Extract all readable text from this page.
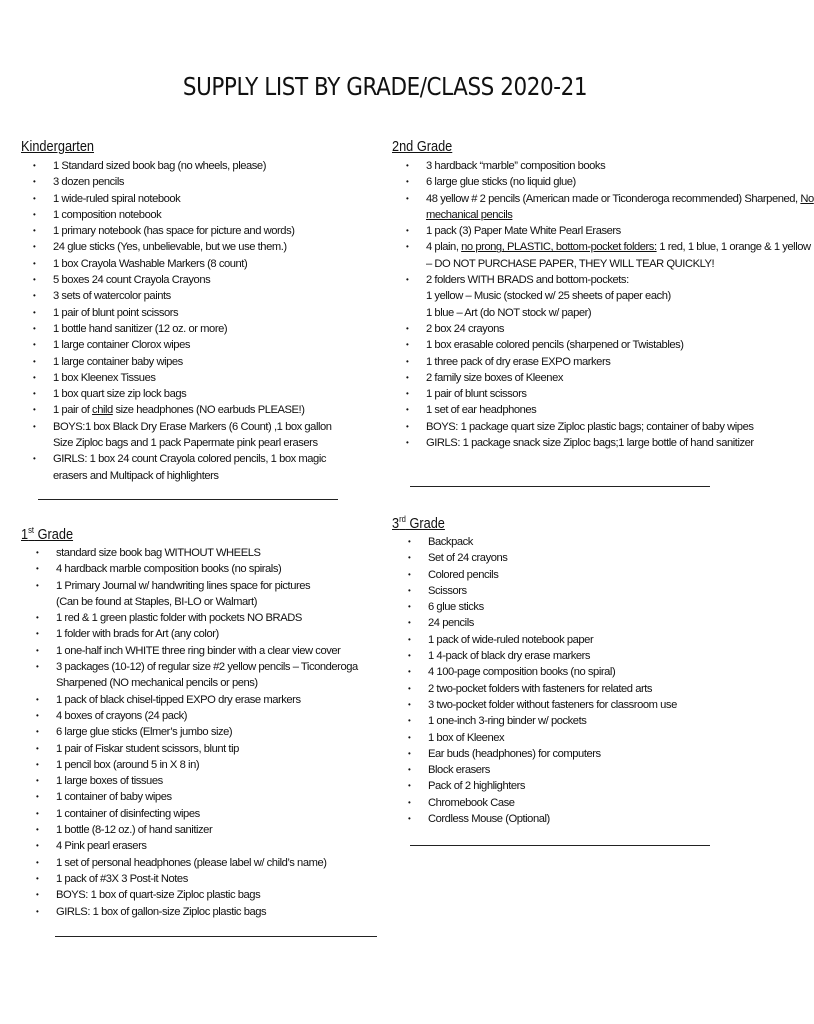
SUPPLY LIST BY GRADE/CLASS 2020-21
Kindergarten
• 1 Standard sized book bag (no wheels, please)
• 3 dozen pencils
• 1 wide-ruled spiral notebook
• 1 composition notebook
• 1 primary notebook (has space for picture and words)
• 24 glue sticks (Yes, unbelievable, but we use them.)
• 1 box Crayola Washable Markers (8 count)
• 5 boxes 24 count Crayola Crayons
• 3 sets of watercolor paints
• 1 pair of blunt point scissors
• 1 bottle hand sanitizer (12 oz. or more)
• 1 large container Clorox wipes
• 1 large container baby wipes
• 1 box Kleenex Tissues
• 1 box quart size zip lock bags
• 1 pair of child size headphones (NO earbuds PLEASE!)
• BOYS:1 box Black Dry Erase Markers (6 Count) ,1 box gallon
Size Ziploc bags and 1 pack Papermate pink pearl erasers
• GIRLS: 1 box 24 count Crayola colored pencils, 1 box magic
erasers and Multipack of highlighters
2nd Grade
• 3 hardback “marble” composition books
• 6 large glue sticks (no liquid glue)
• 48 yellow # 2 pencils (American made or Ticonderoga recommended) Sharpened, No
mechanical pencils
• 1 pack (3) Paper Mate White Pearl Erasers
• 4 plain, no prong, PLASTIC, bottom-pocket folders: 1 red, 1 blue, 1 orange & 1 yellow
– DO NOT PURCHASE PAPER, THEY WILL TEAR QUICKLY!
• 2 folders WITH BRADS and bottom-pockets:
1 yellow – Music (stocked w/ 25 sheets of paper each)
1 blue – Art (do NOT stock w/ paper)
• 2 box 24 crayons
• 1 box erasable colored pencils (sharpened or Twistables)
• 1 three pack of dry erase EXPO markers
• 2 family size boxes of Kleenex
• 1 pair of blunt scissors
• 1 set of ear headphones
• BOYS: 1 package quart size Ziploc plastic bags; container of baby wipes
• GIRLS: 1 package snack size Ziploc bags;1 large bottle of hand sanitizer
1st Grade
• standard size book bag WITHOUT WHEELS
• 4 hardback marble composition books (no spirals)
• 1 Primary Journal w/ handwriting lines space for pictures
(Can be found at Staples, BI-LO or Walmart)
• 1 red & 1 green plastic folder with pockets NO BRADS
• 1 folder with brads for Art (any color)
• 1 one-half inch WHITE three ring binder with a clear view cover
• 3 packages (10-12) of regular size #2 yellow pencils – Ticonderoga
Sharpened (NO mechanical pencils or pens)
• 1 pack of black chisel-tipped EXPO dry erase markers
• 4 boxes of crayons (24 pack)
• 6 large glue sticks (Elmer’s jumbo size)
• 1 pair of Fiskar student scissors, blunt tip
• 1 pencil box (around 5 in X 8 in)
• 1 large boxes of tissues
• 1 container of baby wipes
• 1 container of disinfecting wipes
• 1 bottle (8-12 oz.) of hand sanitizer
• 4 Pink pearl erasers
• 1 set of personal headphones (please label w/ child’s name)
• 1 pack of #3X 3 Post-it Notes
• BOYS: 1 box of quart-size Ziploc plastic bags
• GIRLS: 1 box of gallon-size Ziploc plastic bags
3rd Grade
• Backpack
• Set of 24 crayons
• Colored pencils
• Scissors
• 6 glue sticks
• 24 pencils
• 1 pack of wide-ruled notebook paper
• 1 4-pack of black dry erase markers
• 4 100-page composition books (no spiral)
• 2 two-pocket folders with fasteners for related arts
• 3 two-pocket folder without fasteners for classroom use
• 1 one-inch 3-ring binder w/ pockets
• 1 box of Kleenex
• Ear buds (headphones) for computers
• Block erasers
• Pack of 2 highlighters
• Chromebook Case
• Cordless Mouse (Optional)
